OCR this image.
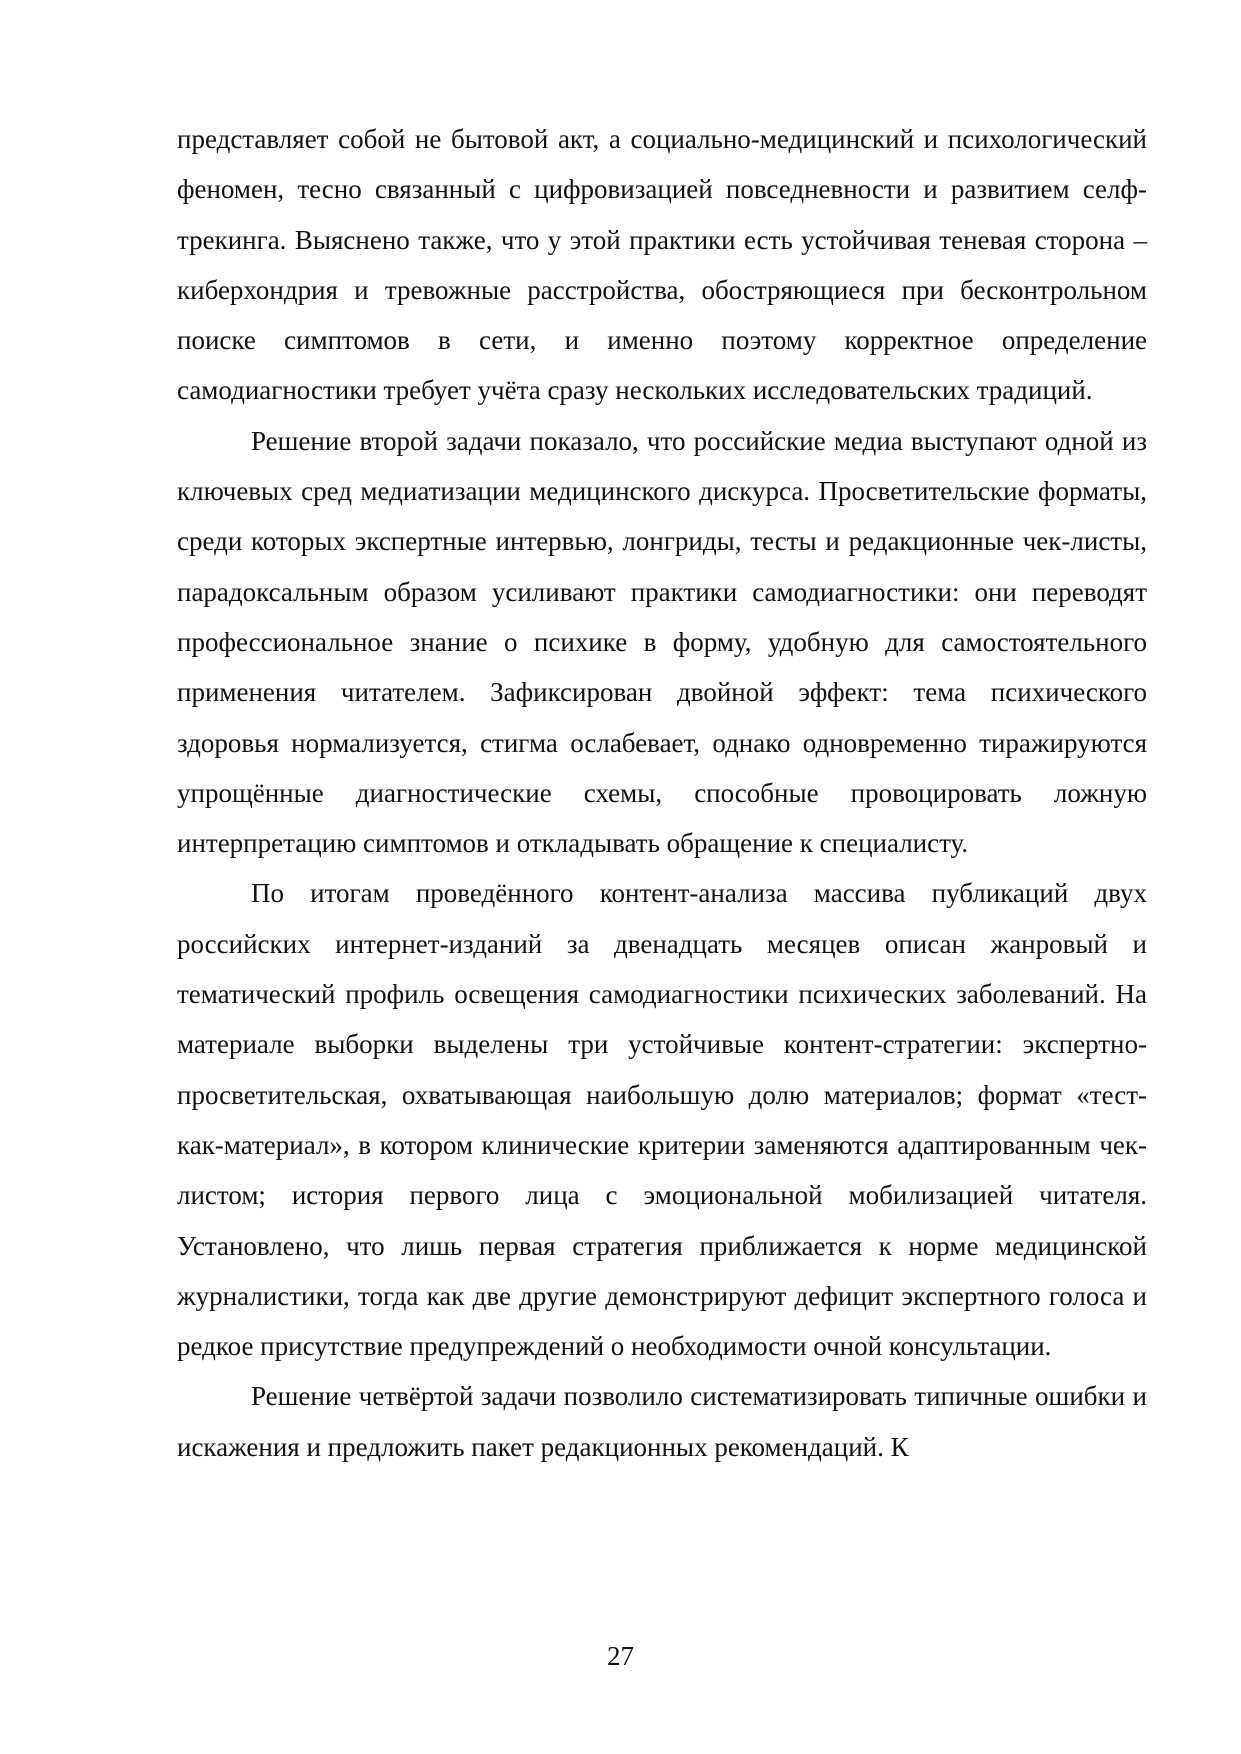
представляет собой не бытовой акт, а социально-медицинский и психологический феномен, тесно связанный с цифровизацией повседневности и развитием селф-трекинга. Выяснено также, что у этой практики есть устойчивая теневая сторона – киберхондрия и тревожные расстройства, обостряющиеся при бесконтрольном поиске симптомов в сети, и именно поэтому корректное определение самодиагностики требует учёта сразу нескольких исследовательских традиций.

Решение второй задачи показало, что российские медиа выступают одной из ключевых сред медиатизации медицинского дискурса. Просветительские форматы, среди которых экспертные интервью, лонгриды, тесты и редакционные чек-листы, парадоксальным образом усиливают практики самодиагностики: они переводят профессиональное знание о психике в форму, удобную для самостоятельного применения читателем. Зафиксирован двойной эффект: тема психического здоровья нормализуется, стигма ослабевает, однако одновременно тиражируются упрощённые диагностические схемы, способные провоцировать ложную интерпретацию симптомов и откладывать обращение к специалисту.

По итогам проведённого контент-анализа массива публикаций двух российских интернет-изданий за двенадцать месяцев описан жанровый и тематический профиль освещения самодиагностики психических заболеваний. На материале выборки выделены три устойчивые контент-стратегии: экспертно-просветительская, охватывающая наибольшую долю материалов; формат «тест-как-материал», в котором клинические критерии заменяются адаптированным чек-листом; история первого лица с эмоциональной мобилизацией читателя. Установлено, что лишь первая стратегия приближается к норме медицинской журналистики, тогда как две другие демонстрируют дефицит экспертного голоса и редкое присутствие предупреждений о необходимости очной консультации.

Решение четвёртой задачи позволило систематизировать типичные ошибки и искажения и предложить пакет редакционных рекомендаций. К

27
